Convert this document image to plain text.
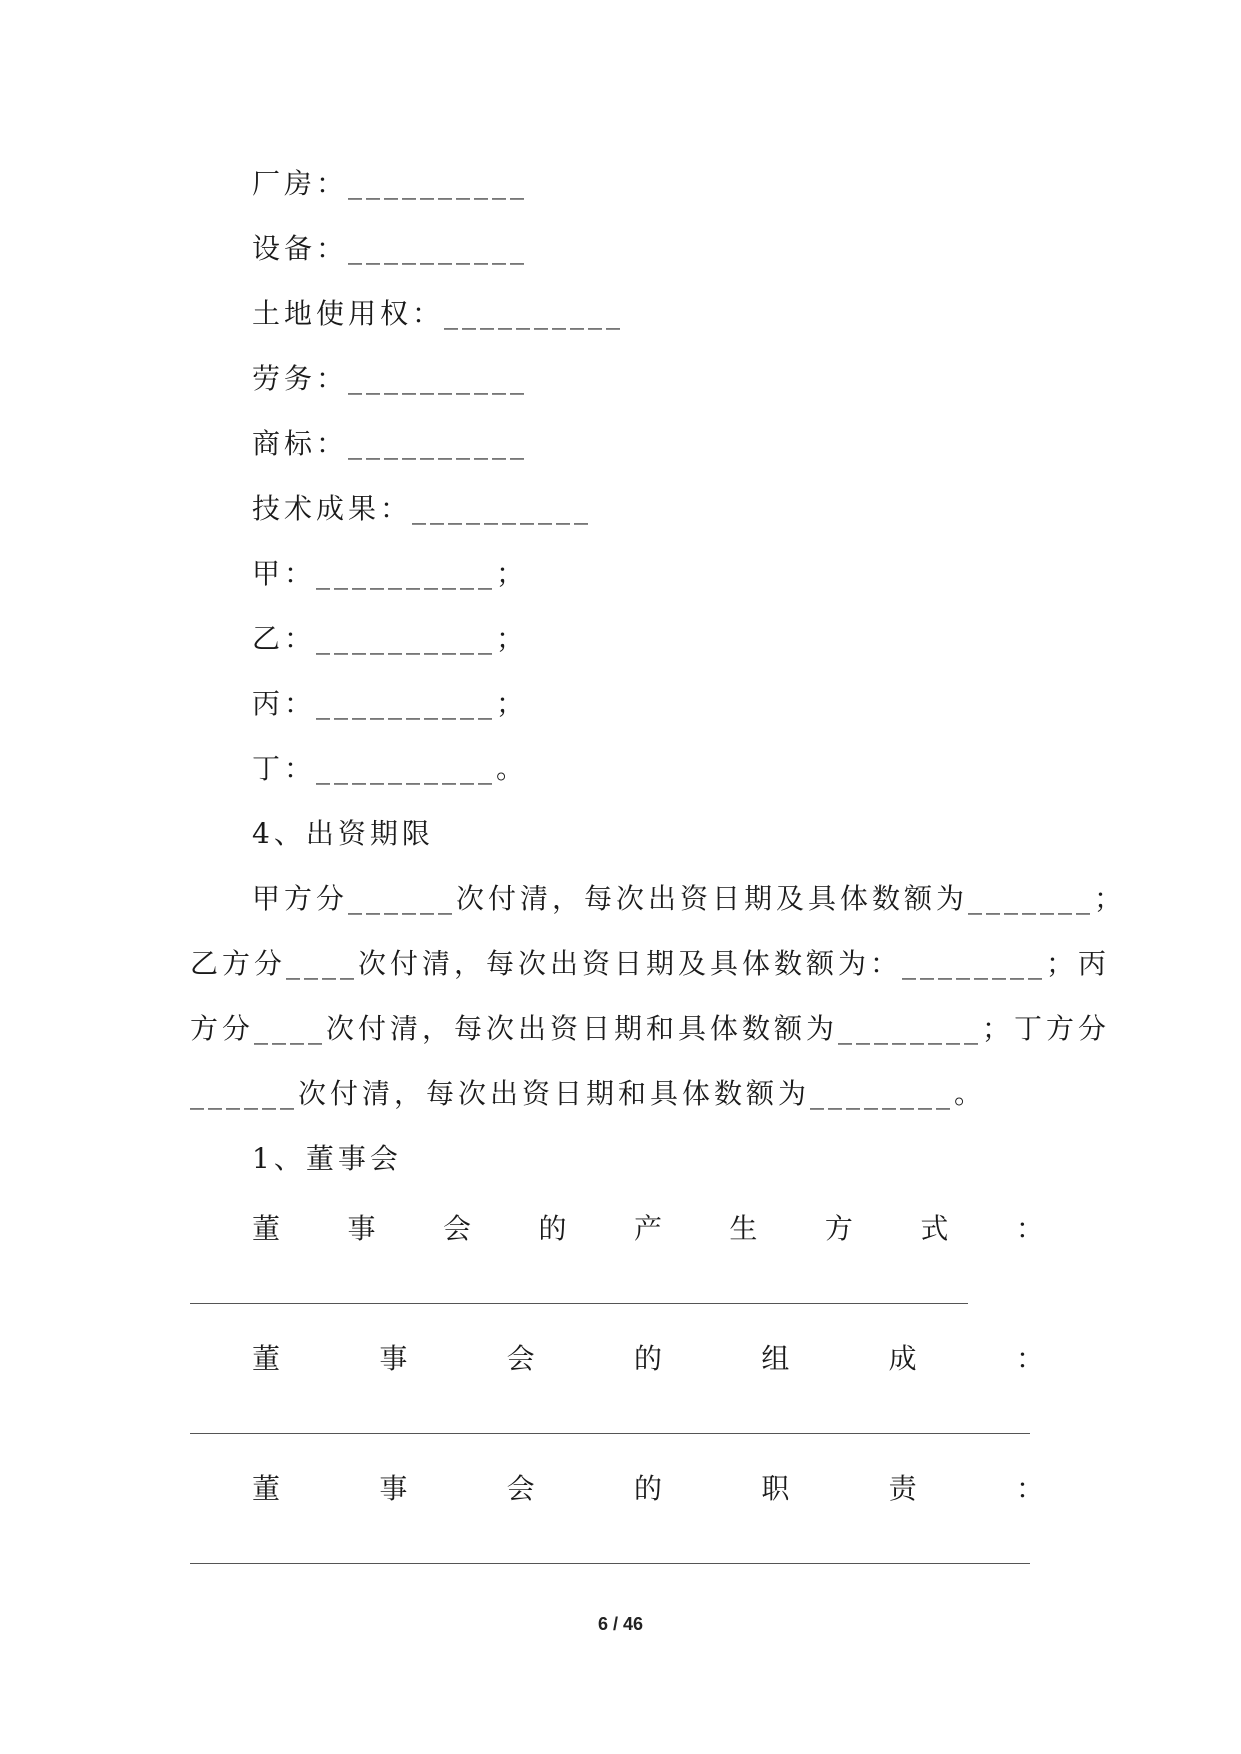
厂房：__________
设备：__________
土地使用权：__________
劳务：__________
商标：__________
技术成果：__________
甲：__________；
乙：__________；
丙：__________；
丁：__________。
4、出资期限
甲方分______次付清，每次出资日期及具体数额为_______；
乙方分____次付清，每次出资日期及具体数额为：________；丙
方分____次付清，每次出资日期和具体数额为________；丁方分
______次付清，每次出资日期和具体数额为________。
1、董事会
董 事 会 的 产 生 方 式 ：
董	事	会	的	组	成	：
董	事	会	的	职	责	：
6 / 46
